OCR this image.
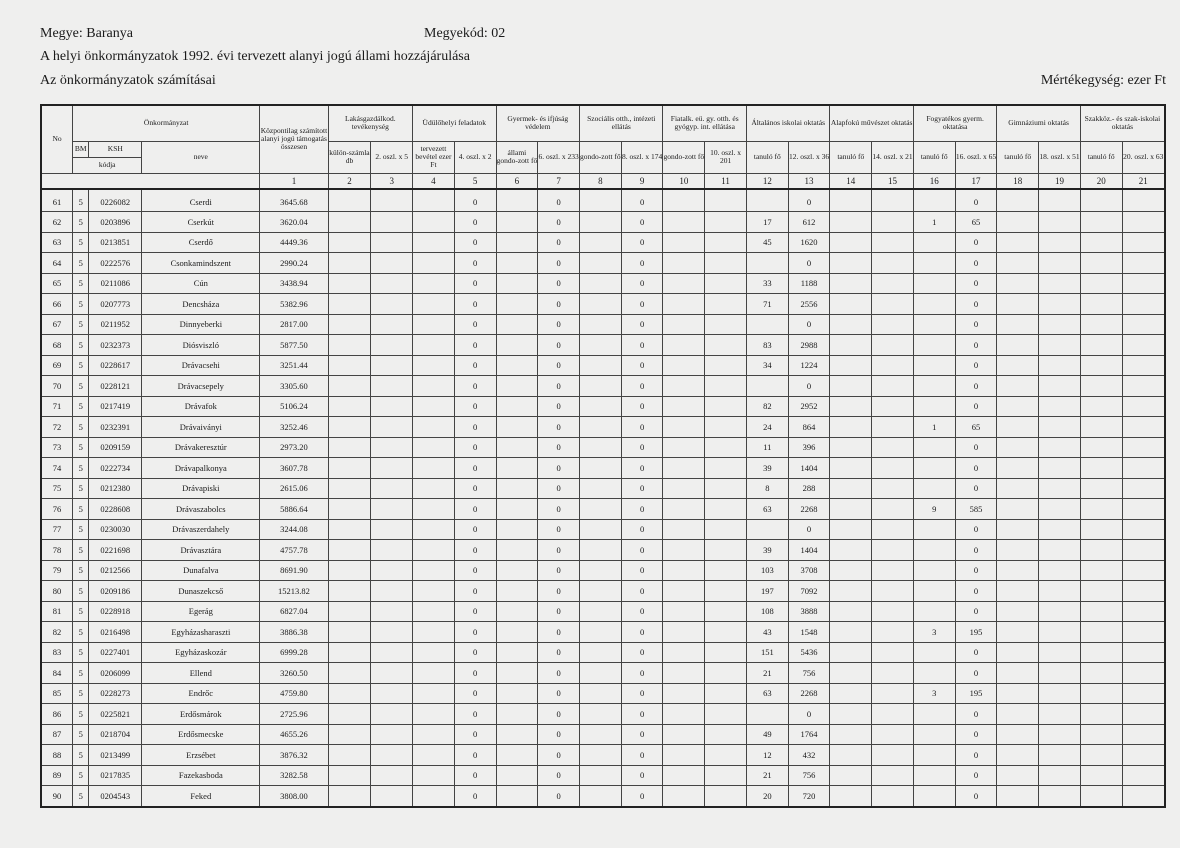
Megye: Baranya	Megyekód: 02
A helyi önkormányzatok 1992. évi tervezett alanyi jogú állami hozzájárulása
Az önkormányzatok számításai	Mértékegység: ezer Ft
No	Önkormányzat			Központilag számított alanyi jogú támogatás összesen	Lakásgazdálkod. tevékenység		Üdülőhelyi feladatok		Gyermek- és ifjúság védelem		Szociális otth., intézeti ellátás		Fiatalk. eü. gy. otth. és gyógyp. int. ellátása		Általános iskolai oktatás		Alapfokú művészet oktatás		Fogyatékos gyerm. oktatása		Gimnáziumi oktatás		Szakköz.- és szak-iskolai oktatás	
	BM	KSH	neve		külön-számla db	2. oszl. x 5	tervezett bevétel ezer Ft	4. oszl. x 2	állami gondo-zott fő	6. oszl. x 233	gondo-zott fő	8. oszl. x 174	gondo-zott fő	10. oszl. x 201	tanuló fő	12. oszl. x 36	tanuló fő	14. oszl. x 21	tanuló fő	16. oszl. x 65	tanuló fő	18. oszl. x 51	tanuló fő	20. oszl. x 63
	kódja																							
				1	2	3	4	5	6	7	8	9	10	11	12	13	14	15	16	17	18	19	20	21
61	5	0226082	Cserdi	3645.68				0		0		0				0				0				
62	5	0203896	Cserkút	3620.04				0		0		0			17	612			1	65				
63	5	0213851	Cserdő	4449.36				0		0		0			45	1620				0				
64	5	0222576	Csonkamindszent	2990.24				0		0		0				0				0				
65	5	0211086	Cún	3438.94				0		0		0			33	1188				0				
66	5	0207773	Dencsháza	5382.96				0		0		0			71	2556				0				
67	5	0211952	Dinnyeberki	2817.00				0		0		0				0				0				
68	5	0232373	Diósviszló	5877.50				0		0		0			83	2988				0				
69	5	0228617	Drávacsehi	3251.44				0		0		0			34	1224				0				
70	5	0228121	Drávacsepely	3305.60				0		0		0				0				0				
71	5	0217419	Drávafok	5106.24				0		0		0			82	2952				0				
72	5	0232391	Drávaiványi	3252.46				0		0		0			24	864			1	65				
73	5	0209159	Drávakeresztúr	2973.20				0		0		0			11	396				0				
74	5	0222734	Drávapalkonya	3607.78				0		0		0			39	1404				0				
75	5	0212380	Drávapiski	2615.06				0		0		0			8	288				0				
76	5	0228608	Drávaszabolcs	5886.64				0		0		0			63	2268			9	585				
77	5	0230030	Drávaszerdahely	3244.08				0		0		0				0				0				
78	5	0221698	Drávasztára	4757.78				0		0		0			39	1404				0				
79	5	0212566	Dunafalva	8691.90				0		0		0			103	3708				0				
80	5	0209186	Dunaszekcső	15213.82				0		0		0			197	7092				0				
81	5	0228918	Egerág	6827.04				0		0		0			108	3888				0				
82	5	0216498	Egyházasharaszti	3886.38				0		0		0			43	1548			3	195				
83	5	0227401	Egyházaskozár	6999.28				0		0		0			151	5436				0				
84	5	0206099	Ellend	3260.50				0		0		0			21	756				0				
85	5	0228273	Endrőc	4759.80				0		0		0			63	2268			3	195				
86	5	0225821	Erdősmárok	2725.96				0		0		0				0				0				
87	5	0218704	Erdősmecske	4655.26				0		0		0			49	1764				0				
88	5	0213499	Erzsébet	3876.32				0		0		0			12	432				0				
89	5	0217835	Fazekasboda	3282.58				0		0		0			21	756				0				
90	5	0204543	Feked	3808.00				0		0		0			20	720				0				
